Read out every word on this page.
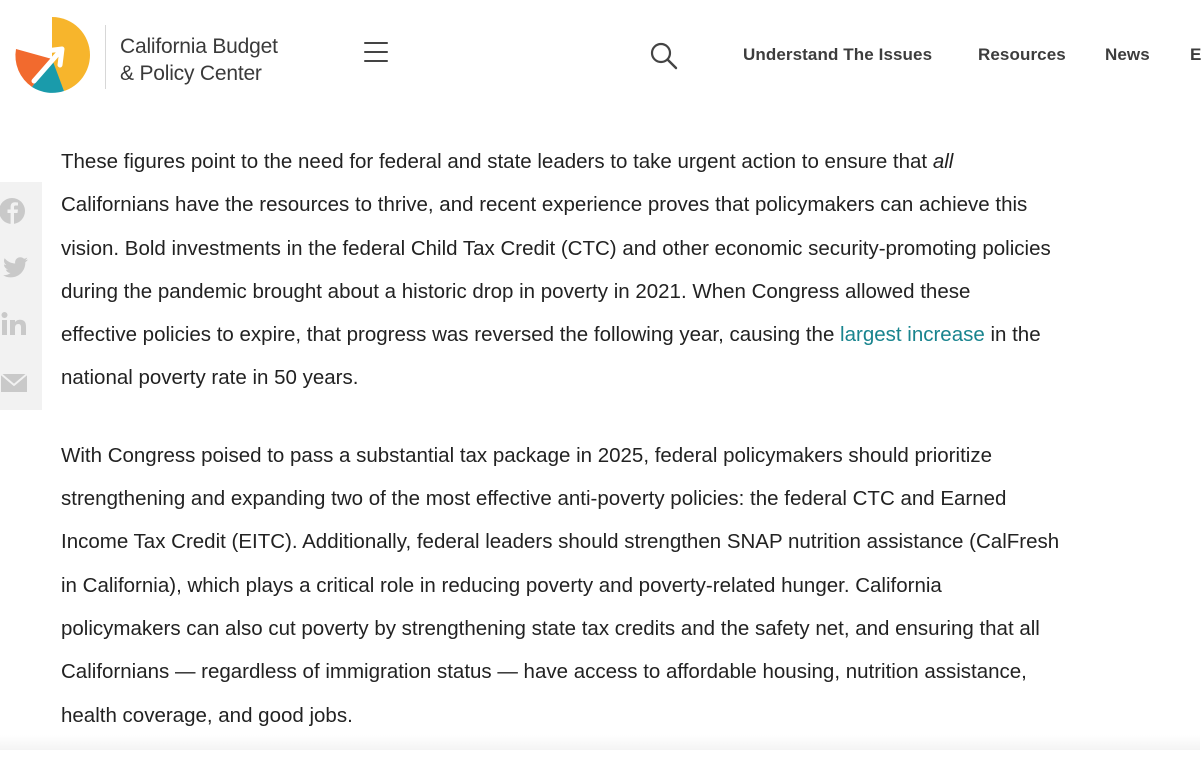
California Budget
& Policy Center
Understand The Issues	Resources News E

These figures point to the need for federal and state leaders to take urgent action to ensure that all
Californians have the resources to thrive, and recent experience proves that policymakers can achieve this
vision. Bold investments in the federal Child Tax Credit (CTC) and other economic security-promoting policies
during the pandemic brought about a historic drop in poverty in 2021. When Congress allowed these
effective policies to expire, that progress was reversed the following year, causing the largest increase in the
national poverty rate in 50 years.

With Congress poised to pass a substantial tax package in 2025, federal policymakers should prioritize
strengthening and expanding two of the most effective anti-poverty policies: the federal CTC and Earned
Income Tax Credit (EITC). Additionally, federal leaders should strengthen SNAP nutrition assistance (CalFresh
in California), which plays a critical role in reducing poverty and poverty-related hunger. California
policymakers can also cut poverty by strengthening state tax credits and the safety net, and ensuring that all
Californians — regardless of immigration status — have access to affordable housing, nutrition assistance,
health coverage, and good jobs.
